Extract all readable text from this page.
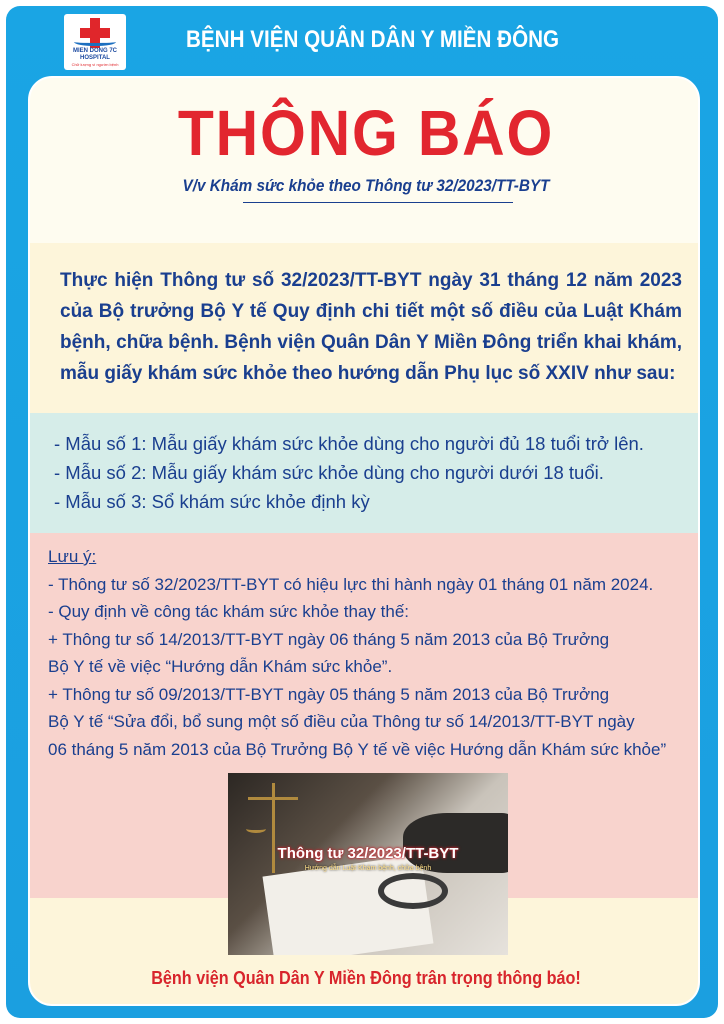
MIEN DONG 7C HOSPITAL
Chữ lượng vì ngườn bệnh
BỆNH VIỆN QUÂN DÂN Y MIỀN ĐÔNG
THÔNG BÁO
V/v Khám sức khỏe theo Thông tư 32/2023/TT-BYT

Thực hiện Thông tư số 32/2023/TT-BYT ngày 31 tháng 12 năm 2023 của Bộ trưởng Bộ Y tế Quy định chi tiết một số điều của Luật Khám bệnh, chữa bệnh. Bệnh viện Quân Dân Y Miền Đông triển khai khám, mẫu giấy khám sức khỏe theo hướng dẫn Phụ lục số XXIV như sau:

- Mẫu số 1: Mẫu giấy khám sức khỏe dùng cho người đủ 18 tuổi trở lên.
- Mẫu số 2: Mẫu giấy khám sức khỏe dùng cho người dưới 18 tuổi.
- Mẫu số 3: Sổ khám sức khỏe định kỳ
Lưu ý:
- Thông tư số 32/2023/TT-BYT có hiệu lực thi hành ngày 01 tháng 01 năm 2024.
- Quy định về công tác khám sức khỏe thay thế:
+ Thông tư số 14/2013/TT-BYT ngày 06 tháng 5 năm 2013 của Bộ Trưởng
Bộ Y tế về việc “Hướng dẫn Khám sức khỏe”.
+ Thông tư số 09/2013/TT-BYT ngày 05 tháng 5 năm 2013 của Bộ Trưởng
Bộ Y tế “Sửa đổi, bổ sung một số điều của Thông tư số 14/2013/TT-BYT ngày
06 tháng 5 năm 2013 của Bộ Trưởng Bộ Y tế về việc Hướng dẫn Khám sức khỏe”
Thông tư 32/2023/TT-BYT
Hướng dẫn Luật Khám bệnh, chữa bệnh
Bệnh viện Quân Dân Y Miền Đông trân trọng thông báo!
